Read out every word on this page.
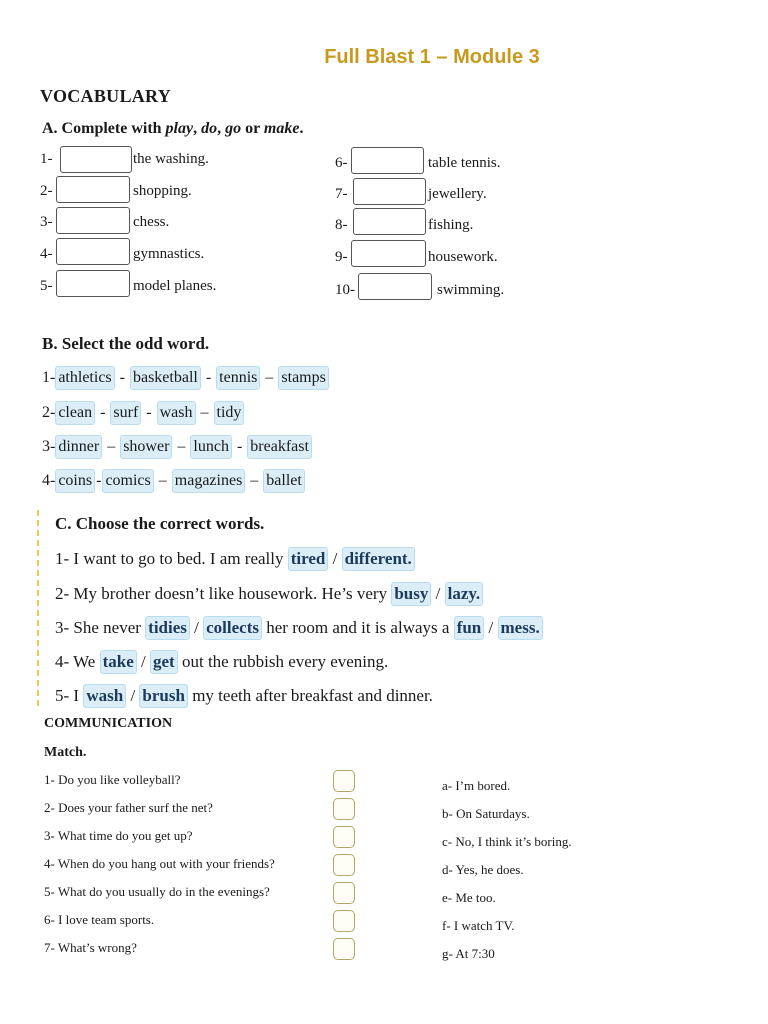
Full Blast 1 – Module 3
VOCABULARY
A. Complete with play, do, go or make.
1-	the washing.
2-	shopping.
3-	chess.
4-	gymnastics.
5-	model planes.
6-	table tennis.
7-	jewellery.
8-	fishing.
9-	housework.
10-	swimming.
B. Select the odd word.
1- athletics - basketball - tennis – stamps
2- clean - surf - wash – tidy
3- dinner – shower – lunch - breakfast
4- coins - comics – magazines – ballet
C. Choose the correct words.
1- I want to go to bed. I am really tired / different.
2- My brother doesn’t like housework. He’s very busy / lazy.
3- She never tidies / collects her room and it is always a fun / mess.
4- We take / get out the rubbish every evening.
5- I wash / brush my teeth after breakfast and dinner.
COMMUNICATION
Match.
1- Do you like volleyball?
2- Does your father surf the net?
3- What time do you get up?
4- When do you hang out with your friends?
5- What do you usually do in the evenings?
6- I love team sports.
7- What’s wrong?
a- I’m bored.
b- On Saturdays.
c- No, I think it’s boring.
d- Yes, he does.
e- Me too.
f- I watch TV.
g- At 7:30
